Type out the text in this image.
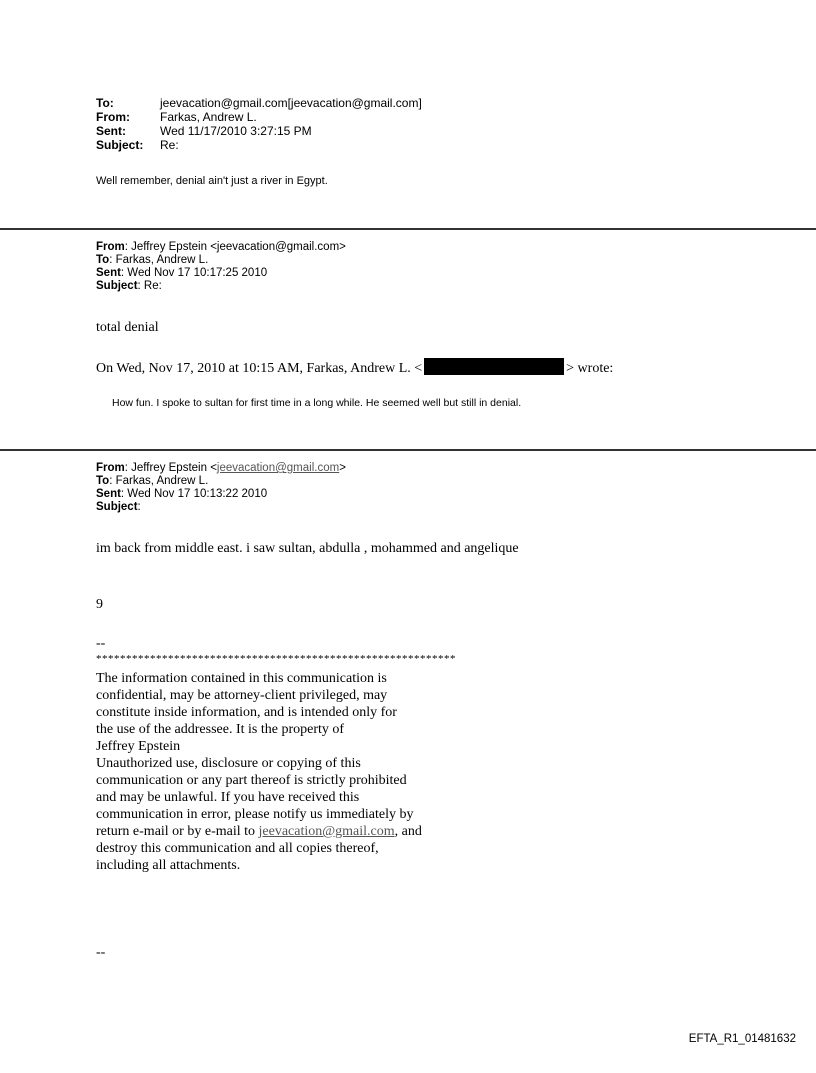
To:	jeevacation@gmail.com[jeevacation@gmail.com]
From:	Farkas, Andrew L.
Sent:	Wed 11/17/2010 3:27:15 PM
Subject:	Re:
Well remember, denial ain't just a river in Egypt.
From: Jeffrey Epstein <jeevacation@gmail.com>
To: Farkas, Andrew L.
Sent: Wed Nov 17 10:17:25 2010
Subject: Re:
total denial
On Wed, Nov 17, 2010 at 10:15 AM, Farkas, Andrew L. <	> wrote:
How fun. I spoke to sultan for first time in a long while. He seemed well but still in denial.
From: Jeffrey Epstein <jeevacation@gmail.com>
To: Farkas, Andrew L.
Sent: Wed Nov 17 10:13:22 2010
Subject:
im back from middle east. i saw sultan, abdulla , mohammed and angelique
9
--
************************************************************
The information contained in this communication is
confidential, may be attorney-client privileged, may
constitute inside information, and is intended only for
the use of the addressee. It is the property of
Jeffrey Epstein
Unauthorized use, disclosure or copying of this
communication or any part thereof is strictly prohibited
and may be unlawful. If you have received this
communication in error, please notify us immediately by
return e-mail or by e-mail to jeevacation@gmail.com, and
destroy this communication and all copies thereof,
including all attachments.
--
EFTA_R1_01481632
